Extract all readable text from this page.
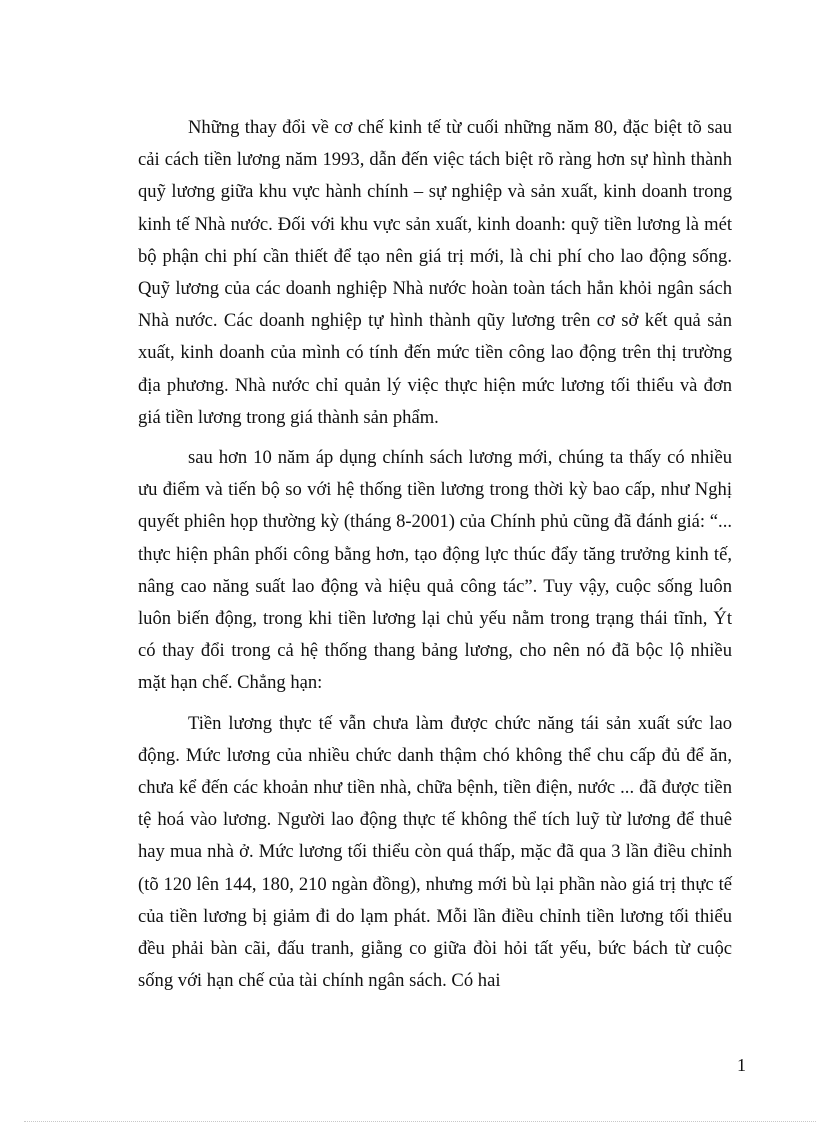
Những thay đổi về cơ chế kinh tế từ cuối những năm 80, đặc biệt tõ sau cải cách tiền lương năm 1993, dẫn đến việc tách biệt rõ ràng hơn sự hình thành quỹ lương giữa khu vực hành chính – sự nghiệp và sản xuất, kinh doanh trong kinh tế Nhà nước. Đối với khu vực sản xuất, kinh doanh: quỹ tiền lương là mét bộ phận chi phí cần thiết để tạo nên giá trị mới, là chi phí cho lao động sống. Quỹ lương của các doanh nghiệp Nhà nước hoàn toàn tách hẳn khỏi ngân sách Nhà nước. Các doanh nghiệp tự hình thành qũy lương trên cơ sở kết quả sản xuất, kinh doanh của mình có tính đến mức tiền công lao động trên thị trường địa phương. Nhà nước chỉ quản lý việc thực hiện mức lương tối thiểu và đơn giá tiền lương trong giá thành sản phẩm.

sau hơn 10 năm áp dụng chính sách lương mới, chúng ta thấy có nhiều ưu điểm và tiến bộ so với hệ thống tiền lương trong thời kỳ bao cấp, như Nghị quyết phiên họp thường kỳ (tháng 8-2001) của Chính phủ cũng đã đánh giá: “... thực hiện phân phối công bằng hơn, tạo động lực thúc đẩy tăng trưởng kinh tế, nâng cao năng suất lao động và hiệu quả công tác”. Tuy vậy, cuộc sống luôn luôn biến động, trong khi tiền lương lại chủ yếu nằm trong trạng thái tĩnh, Ýt có thay đổi trong cả hệ thống thang bảng lương, cho nên nó đã bộc lộ nhiều mặt hạn chế. Chẳng hạn:

Tiền lương thực tế vẫn chưa làm được chức năng tái sản xuất sức lao động. Mức lương của nhiều chức danh thậm chó không thể chu cấp đủ để ăn, chưa kể đến các khoản như tiền nhà, chữa bệnh, tiền điện, nước ... đã được tiền tệ hoá vào lương. Người lao động thực tế không thể tích luỹ từ lương để thuê hay mua nhà ở. Mức lương tối thiểu còn quá thấp, mặc đã qua 3 lần điều chỉnh (tõ 120 lên 144, 180, 210 ngàn đồng), nhưng mới bù lại phần nào giá trị thực tế của tiền lương bị giảm đi do lạm phát. Mỗi lần điều chỉnh tiền lương tối thiểu đều phải bàn cãi, đấu tranh, giằng co giữa đòi hỏi tất yếu, bức bách từ cuộc sống với hạn chế của tài chính ngân sách. Có hai

1
